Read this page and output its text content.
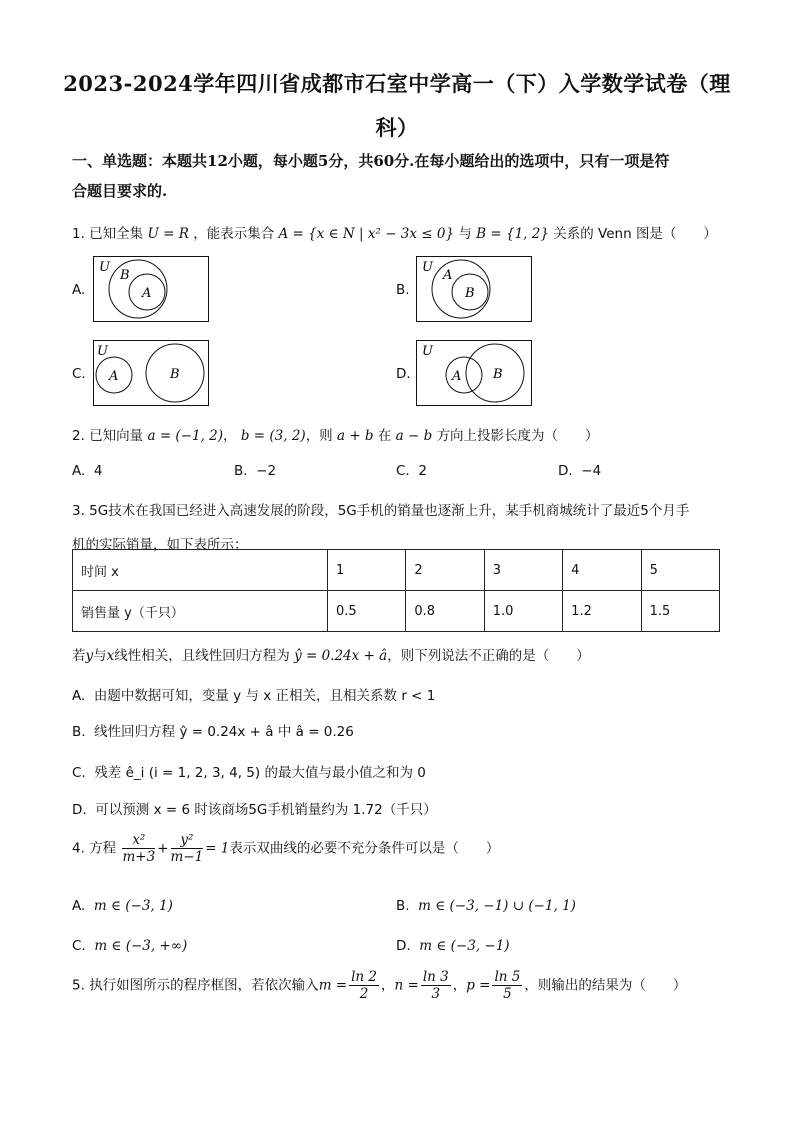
2023-2024学年四川省成都市石室中学高一（下）入学数学试卷（理
科）
一、单选题：本题共12小题，每小题5分，共60分.在每小题给出的选项中，只有一项是符
合题目要求的.
1. 已知全集 U = R ，能表示集合 A = {x ∈ N | x² − 3x ≤ 0} 与 B = {1, 2} 关系的 Venn 图是（　　）
A.
U
B
A	B.
U
A
B
C.
U
A	B	D.
U
A B
2. 已知向量 a = (−1, 2)， b = (3, 2)，则 a + b 在 a − b 方向上投影长度为（　　）
A. 4	B. −2	C. 2	D. −4
3. 5G技术在我国已经进入高速发展的阶段，5G手机的销量也逐渐上升，某手机商城统计了最近5个月手
机的实际销量，如下表所示：
时间 x	1	2	3	4	5
销售量 y（千只）	0.5	0.8	1.0	1.2	1.5
若y与x线性相关，且线性回归方程为 ŷ = 0.24x + â，则下列说法不正确的是（　　）
A. 由题中数据可知，变量 y 与 x 正相关，且相关系数 r < 1
B. 线性回归方程 ŷ = 0.24x + â 中 â = 0.26
C. 残差 ê_i (i = 1, 2, 3, 4, 5) 的最大值与最小值之和为 0
D. 可以预测 x = 6 时该商场5G手机销量约为 1.72（千只）
4. 方程 $\frac{\text{x²}}{m+3} + \frac{\text{y²}}{m-1} = 1$表示双曲线的必要不充分条件可以是（　　）
A. m ∈ (−3, 1)	B. m ∈ (−3, −1) ∪ (−1, 1)
C. m ∈ (−3, +∞)	D. m ∈ (−3, −1)
5. 执行如图所示的程序框图，若依次输入$m = \frac{\ln 2}{2}$ ，$n = \frac{\ln 3}{3}$ ，$p = \frac{\ln 5}{5}$ ，则输出的结果为（　　）
